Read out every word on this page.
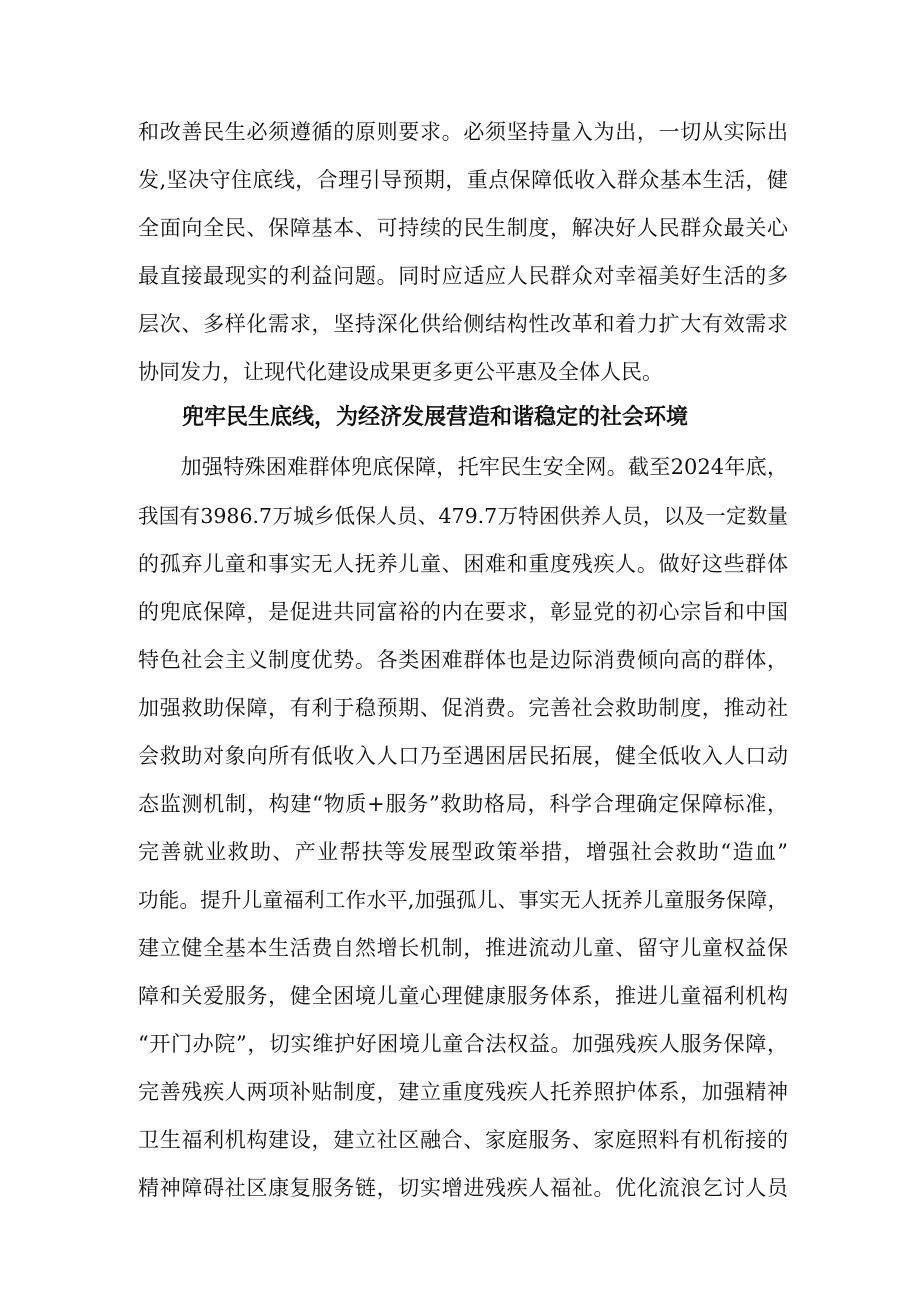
和改善民生必须遵循的原则要求。必须坚持量入为出，一切从实际出
发,坚决守住底线，合理引导预期，重点保障低收入群众基本生活，健
全面向全民、保障基本、可持续的民生制度，解决好人民群众最关心
最直接最现实的利益问题。同时应适应人民群众对幸福美好生活的多
层次、多样化需求，坚持深化供给侧结构性改革和着力扩大有效需求
协同发力，让现代化建设成果更多更公平惠及全体人民。
兜牢民生底线，为经济发展营造和谐稳定的社会环境
　　加强特殊困难群体兜底保障，托牢民生安全网。截至2024年底，
我国有3986.7万城乡低保人员、479.7万特困供养人员，以及一定数量
的孤弃儿童和事实无人抚养儿童、困难和重度残疾人。做好这些群体
的兜底保障，是促进共同富裕的内在要求，彰显党的初心宗旨和中国
特色社会主义制度优势。各类困难群体也是边际消费倾向高的群体，
加强救助保障，有利于稳预期、促消费。完善社会救助制度，推动社
会救助对象向所有低收入人口乃至遇困居民拓展，健全低收入人口动
态监测机制，构建“物质+服务”救助格局，科学合理确定保障标准，
完善就业救助、产业帮扶等发展型政策举措，增强社会救助“造血”
功能。提升儿童福利工作水平,加强孤儿、事实无人抚养儿童服务保障，
建立健全基本生活费自然增长机制，推进流动儿童、留守儿童权益保
障和关爱服务，健全困境儿童心理健康服务体系，推进儿童福利机构
“开门办院”，切实维护好困境儿童合法权益。加强残疾人服务保障，
完善残疾人两项补贴制度，建立重度残疾人托养照护体系，加强精神
卫生福利机构建设，建立社区融合、家庭服务、家庭照料有机衔接的
精神障碍社区康复服务链，切实增进残疾人福祉。优化流浪乞讨人员
